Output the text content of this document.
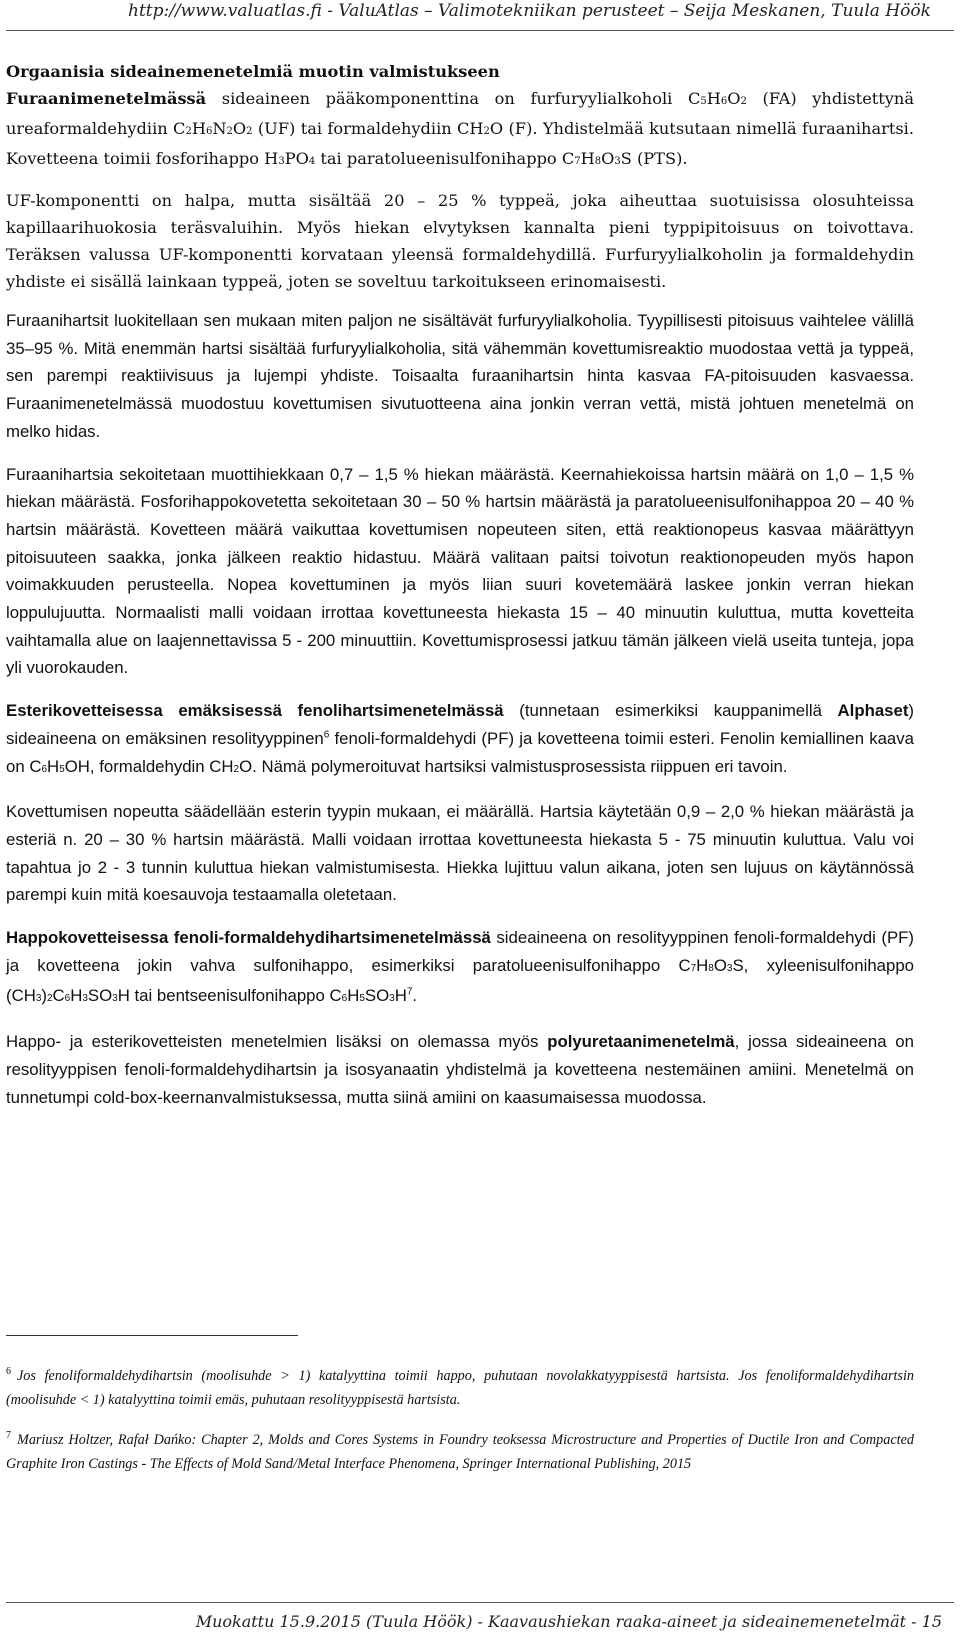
http://www.valuatlas.fi - ValuAtlas – Valimotekniikan perusteet – Seija Meskanen, Tuula Höök

Orgaanisia sideainemenetelmiä muotin valmistukseen

Furaanimenetelmässä sideaineen pääkomponenttina on furfuryylialkoholi C5H6O2 (FA) yhdistettynä ureaformaldehydiin C2H6N2O2 (UF) tai formaldehydiin CH2O (F). Yhdistelmää kutsutaan nimellä furaanihartsi. Kovetteena toimii fosforihappo H3PO4 tai paratolueenisulfonihappo C7H8O3S (PTS).

UF-komponentti on halpa, mutta sisältää 20 – 25 % typpeä, joka aiheuttaa suotuisissa olosuhteissa kapillaarihuokosia teräsvaluihin. Myös hiekan elvytyksen kannalta pieni typpipitoisuus on toivottava. Teräksen valussa UF-komponentti korvataan yleensä formaldehydillä. Furfuryylialkoholin ja formaldehydin yhdiste ei sisällä lainkaan typpeä, joten se soveltuu tarkoitukseen erinomaisesti.

Furaanihartsit luokitellaan sen mukaan miten paljon ne sisältävät furfuryylialkoholia. Tyypillisesti pitoisuus vaihtelee välillä 35–95 %. Mitä enemmän hartsi sisältää furfuryylialkoholia, sitä vähemmän kovettumisreaktio muodostaa vettä ja typpeä, sen parempi reaktiivisuus ja lujempi yhdiste. Toisaalta furaanihartsin hinta kasvaa FA-pitoisuuden kasvaessa. Furaanimenetelmässä muodostuu kovettumisen sivutuotteena aina jonkin verran vettä, mistä johtuen menetelmä on melko hidas.

Furaanihartsia sekoitetaan muottihiekkaan 0,7 – 1,5 % hiekan määrästä. Keernahiekoissa hartsin määrä on 1,0 – 1,5 % hiekan määrästä. Fosforihappokovetetta sekoitetaan 30 – 50 % hartsin määrästä ja paratolueenisulfonihappoa 20 – 40 % hartsin määrästä. Kovetteen määrä vaikuttaa kovettumisen nopeuteen siten, että reaktionopeus kasvaa määrättyyn pitoisuuteen saakka, jonka jälkeen reaktio hidastuu. Määrä valitaan paitsi toivotun reaktionopeuden myös hapon voimakkuuden perusteella. Nopea kovettuminen ja myös liian suuri kovetemäärä laskee jonkin verran hiekan loppulujuutta. Normaalisti malli voidaan irrottaa kovettuneesta hiekasta 15 – 40 minuutin kuluttua, mutta kovetteita vaihtamalla alue on laajennettavissa 5 - 200 minuuttiin. Kovettumisprosessi jatkuu tämän jälkeen vielä useita tunteja, jopa yli vuorokauden.

Esterikovetteisessa emäksisessä fenolihartsimenetelmässä (tunnetaan esimerkiksi kauppanimellä Alphaset) sideaineena on emäksinen resolityyppinen$^6$ fenoli-formaldehydi (PF) ja kovetteena toimii esteri. Fenolin kemiallinen kaava on C6H5OH, formaldehydin CH2O. Nämä polymeroituvat hartsiksi valmistusprosessista riippuen eri tavoin.

Kovettumisen nopeutta säädellään esterin tyypin mukaan, ei määrällä. Hartsia käytetään 0,9 – 2,0 % hiekan määrästä ja esteriä n. 20 – 30 % hartsin määrästä. Malli voidaan irrottaa kovettuneesta hiekasta 5 - 75 minuutin kuluttua. Valu voi tapahtua jo 2 - 3 tunnin kuluttua hiekan valmistumisesta. Hiekka lujittuu valun aikana, joten sen lujuus on käytännössä parempi kuin mitä koesauvoja testaamalla oletetaan.

Happokovetteisessa fenoli-formaldehydihartsimenetelmässä sideaineena on resolityyppinen fenoli-formaldehydi (PF) ja kovetteena jokin vahva sulfonihappo, esimerkiksi paratolueenisulfonihappo C7H8O3S, xyleenisulfonihappo (CH3)2C6H3SO3H tai bentseenisulfonihappo $C6H5SO3H^7$.

Happo- ja esterikovetteisten menetelmien lisäksi on olemassa myös polyuretaanimenetelmä, jossa sideaineena on resolityyppisen fenoli-formaldehydihartsin ja isosyanaatin yhdistelmä ja kovetteena nestemäinen amiini. Menetelmä on tunnetumpi cold-box-keernanvalmistuksessa, mutta siinä amiini on kaasumaisessa muodossa.

$^6$ Jos fenoliformaldehydihartsin (moolisuhde > 1) katalyyttina toimii happo, puhutaan novolakkatyyppisestä hartsista. Jos fenoliformaldehydihartsin (moolisuhde < 1) katalyyttina toimii emäs, puhutaan resolityyppisestä hartsista.
$^7$ Mariusz Holtzer, Rafał Dańko: Chapter 2, Molds and Cores Systems in Foundry teoksessa Microstructure and Properties of Ductile Iron and Compacted Graphite Iron Castings - The Effects of Mold Sand/Metal Interface Phenomena, Springer International Publishing, 2015
Muokattu 15.9.2015 (Tuula Höök) - Kaavaushiekan raaka-aineet ja sideainemenetelmät - 15
